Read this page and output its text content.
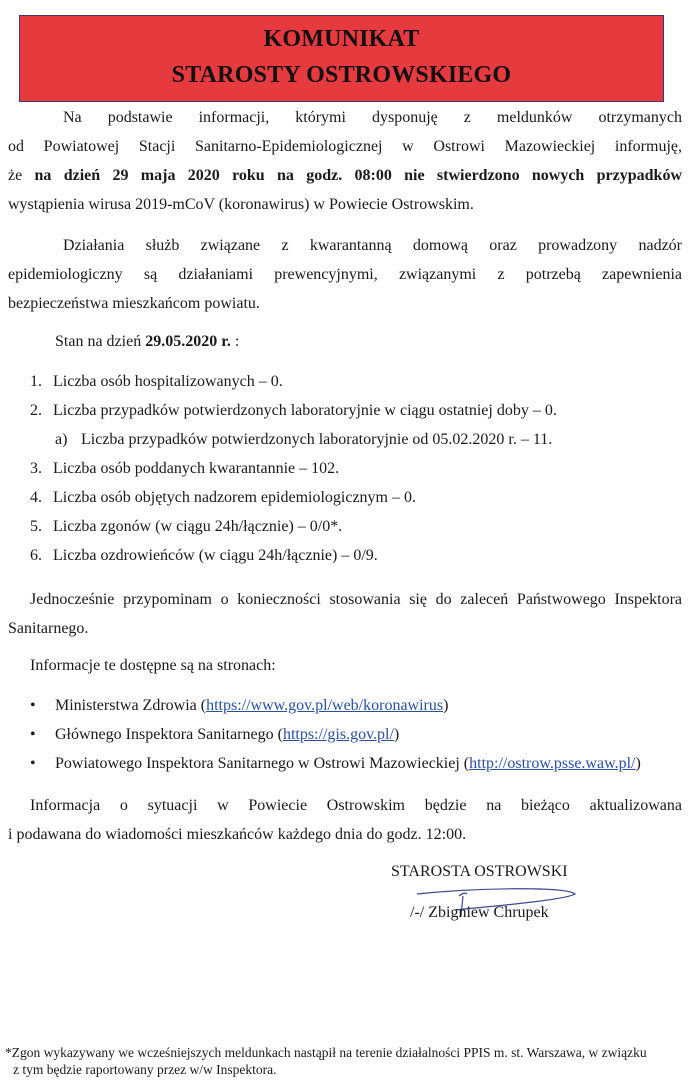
KOMUNIKAT
STAROSTY OSTROWSKIEGO
Na podstawie informacji, którymi dysponuję z meldunków otrzymanych
od Powiatowej Stacji Sanitarno-Epidemiologicznej w Ostrowi Mazowieckiej informuję,
że na dzień 29 maja 2020 roku na godz. 08:00 nie stwierdzono nowych przypadków
wystąpienia wirusa 2019-mCoV (koronawirus) w Powiecie Ostrowskim.
Działania służb związane z kwarantanną domową oraz prowadzony nadzór
epidemiologiczny są działaniami prewencyjnymi, związanymi z potrzebą zapewnienia
bezpieczeństwa mieszkańcom powiatu.
Stan na dzień 29.05.2020 r. :
1. Liczba osób hospitalizowanych – 0.
2. Liczba przypadków potwierdzonych laboratoryjnie w ciągu ostatniej doby – 0.
a) Liczba przypadków potwierdzonych laboratoryjnie od 05.02.2020 r. – 11.
3. Liczba osób poddanych kwarantannie – 102.
4. Liczba osób objętych nadzorem epidemiologicznym – 0.
5. Liczba zgonów (w ciągu 24h/łącznie) – 0/0*.
6. Liczba ozdrowieńców (w ciągu 24h/łącznie) – 0/9.
Jednocześnie przypominam o konieczności stosowania się do zaleceń Państwowego Inspektora
Sanitarnego.
Informacje te dostępne są na stronach:
• Ministerstwa Zdrowia (https://www.gov.pl/web/koronawirus)
• Głównego Inspektora Sanitarnego (https://gis.gov.pl/)
• Powiatowego Inspektora Sanitarnego w Ostrowi Mazowieckiej (http://ostrow.psse.waw.pl/)
Informacja o sytuacji w Powiecie Ostrowskim będzie na bieżąco aktualizowana
i podawana do wiadomości mieszkańców każdego dnia do godz. 12:00.
STAROSTA OSTROWSKI
/-/ Zbigniew Chrupek
*Zgon wykazywany we wcześniejszych meldunkach nastąpił na terenie działalności PPIS m. st. Warszawa, w związku
z tym będzie raportowany przez w/w Inspektora.
